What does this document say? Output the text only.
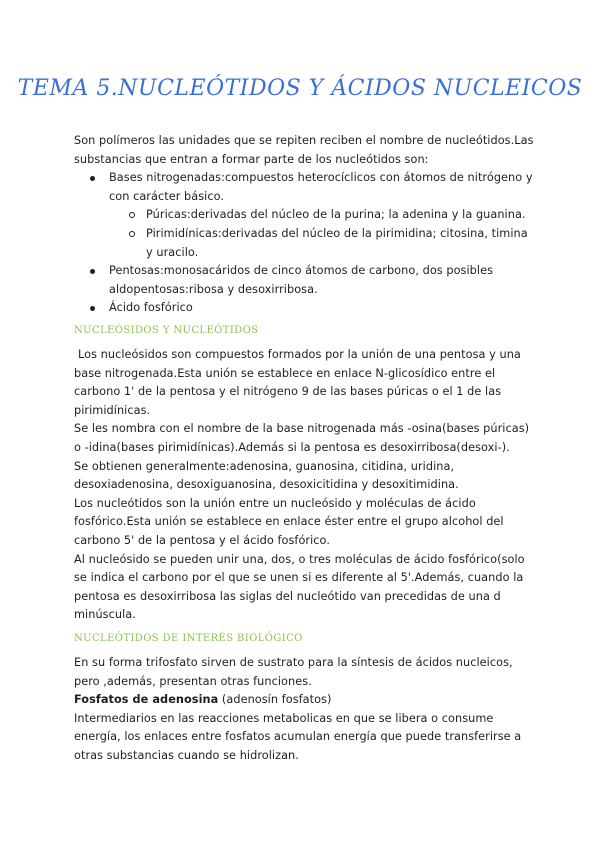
TEMA 5.NUCLEÓTIDOS Y ÁCIDOS NUCLEICOS

Son polímeros las unidades que se repiten reciben el nombre de nucleótidos.Las substancias que entran a formar parte de los nucleótidos son:

Bases nitrogenadas:compuestos heterocíclicos con átomos de nitrógeno y con carácter básico.
Púricas:derivadas del núcleo de la purina; la adenina y la guanina.
Pirimidínicas:derivadas del núcleo de la pirimidina; citosina, timina y uracilo.
Pentosas:monosacáridos de cinco átomos de carbono, dos posibles aldopentosas:ribosa y desoxirribosa.
Ácido fosfórico
NUCLEÓSIDOS Y NUCLEÓTIDOS

Los nucleósidos son compuestos formados por la unión de una pentosa y una base nitrogenada.Esta unión se establece en enlace N-glicosídico entre el carbono 1' de la pentosa y el nitrógeno 9 de las bases púricas o el 1 de las pirimidínicas.

Se les nombra con el nombre de la base nitrogenada más -osina(bases púricas) o -idina(bases pirimidínicas).Además si la pentosa es desoxirribosa(desoxi-).

Se obtienen generalmente:adenosina, guanosina, citidina, uridina, desoxiadenosina, desoxiguanosina, desoxicitidina y desoxitimidina.

Los nucleótidos son la unión entre un nucleósido y moléculas de ácido fosfórico.Esta unión se establece en enlace éster entre el grupo alcohol del carbono 5' de la pentosa y el ácido fosfórico.

Al nucleósido se pueden unir una, dos, o tres moléculas de ácido fosfórico(solo se indica el carbono por el que se unen si es diferente al 5'.Además, cuando la pentosa es desoxirribosa las siglas del nucleótido van precedidas de una d minúscula.

NUCLEÓTIDOS DE INTERÉS BIOLÓGICO

En su forma trifosfato sirven de sustrato para la síntesis de ácidos nucleicos, pero ,además, presentan otras funciones.

Fosfatos de adenosina (adenosín fosfatos)

Intermediarios en las reacciones metabolicas en que se libera o consume energía, los enlaces entre fosfatos acumulan energía que puede transferirse a otras substancias cuando se hidrolizan.
